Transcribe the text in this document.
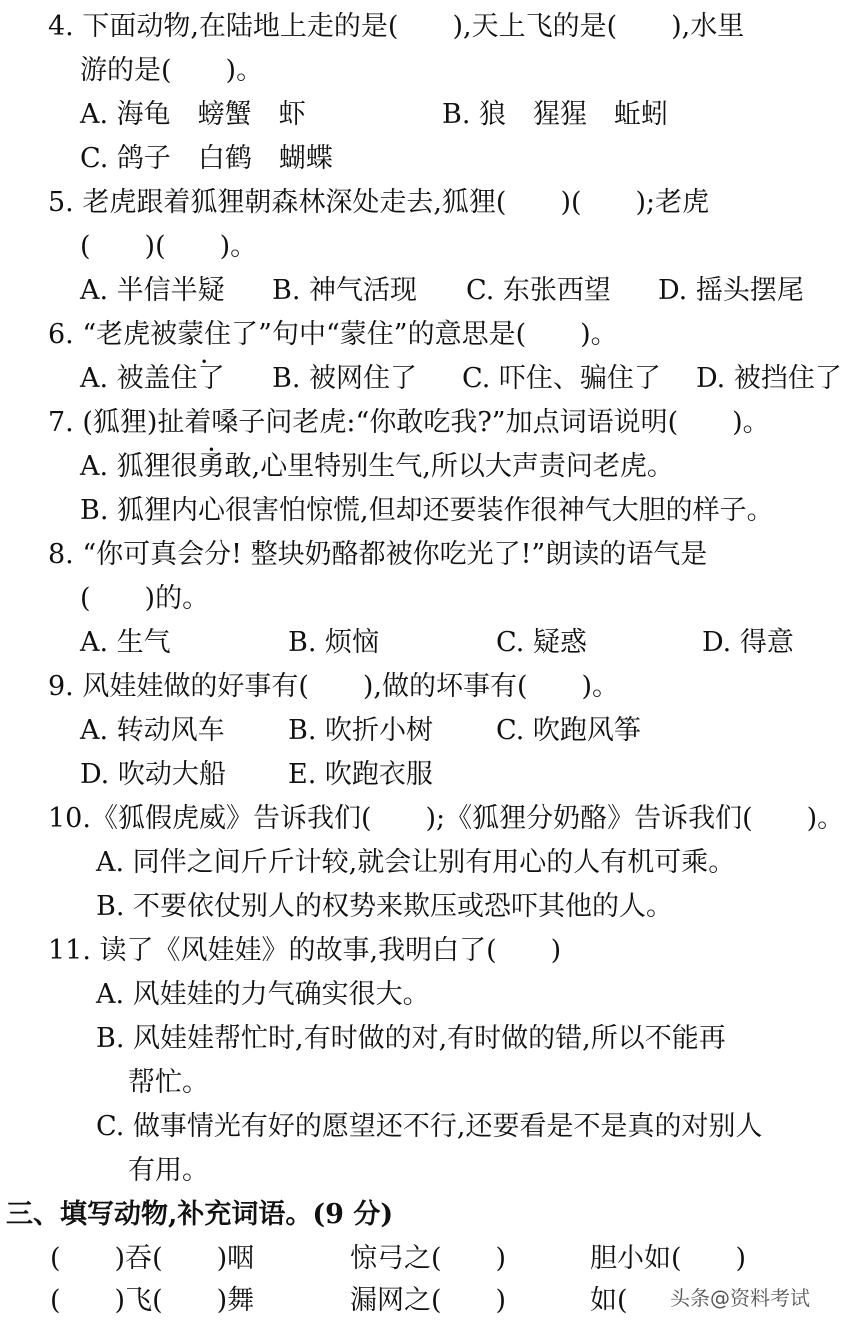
4. 下面动物,在陆地上走的是(　　),天上飞的是(　　),水里
游的是(　　)。
A. 海龟　螃蟹　虾	B. 狼　猩猩　蚯蚓
C. 鸽子　白鹤　蝴蝶
5. 老虎跟着狐狸朝森林深处走去,狐狸(　　)(　　);老虎
(　　)(　　)。
A. 半信半疑 B. 神气活现 C. 东张西望 D. 摇头摆尾
6. “老虎被蒙住了”句中“蒙住”的意思是(　　)。
A. 被盖住了 B. 被网住了 C. 吓住、骗住了 D. 被挡住了
7. (狐狸)扯着嗓子问老虎:“你敢吃我?”加点词语说明(　　)。
A. 狐狸很勇敢,心里特别生气,所以大声责问老虎。
B. 狐狸内心很害怕惊慌,但却还要装作很神气大胆的样子。
8. “你可真会分! 整块奶酪都被你吃光了!”朗读的语气是
(　　)的。
A. 生气	B. 烦恼	C. 疑惑	D. 得意
9. 风娃娃做的好事有(　　),做的坏事有(　　)。
A. 转动风车 B. 吹折小树 C. 吹跑风筝
D. 吹动大船 E. 吹跑衣服
10.《狐假虎威》告诉我们(　　);《狐狸分奶酪》告诉我们(　　)。
A. 同伴之间斤斤计较,就会让别有用心的人有机可乘。
B. 不要依仗别人的权势来欺压或恐吓其他的人。
11. 读了《风娃娃》的故事,我明白了(　　)
A. 风娃娃的力气确实很大。
B. 风娃娃帮忙时,有时做的对,有时做的错,所以不能再
帮忙。
C. 做事情光有好的愿望还不行,还要看是不是真的对别人
有用。
三、填写动物,补充词语。(9 分)
(　　)吞(　　)咽	惊弓之(　　)	胆小如(　　)
(　　)飞(　　)舞	漏网之(　　)	如( 头条@资料考试
